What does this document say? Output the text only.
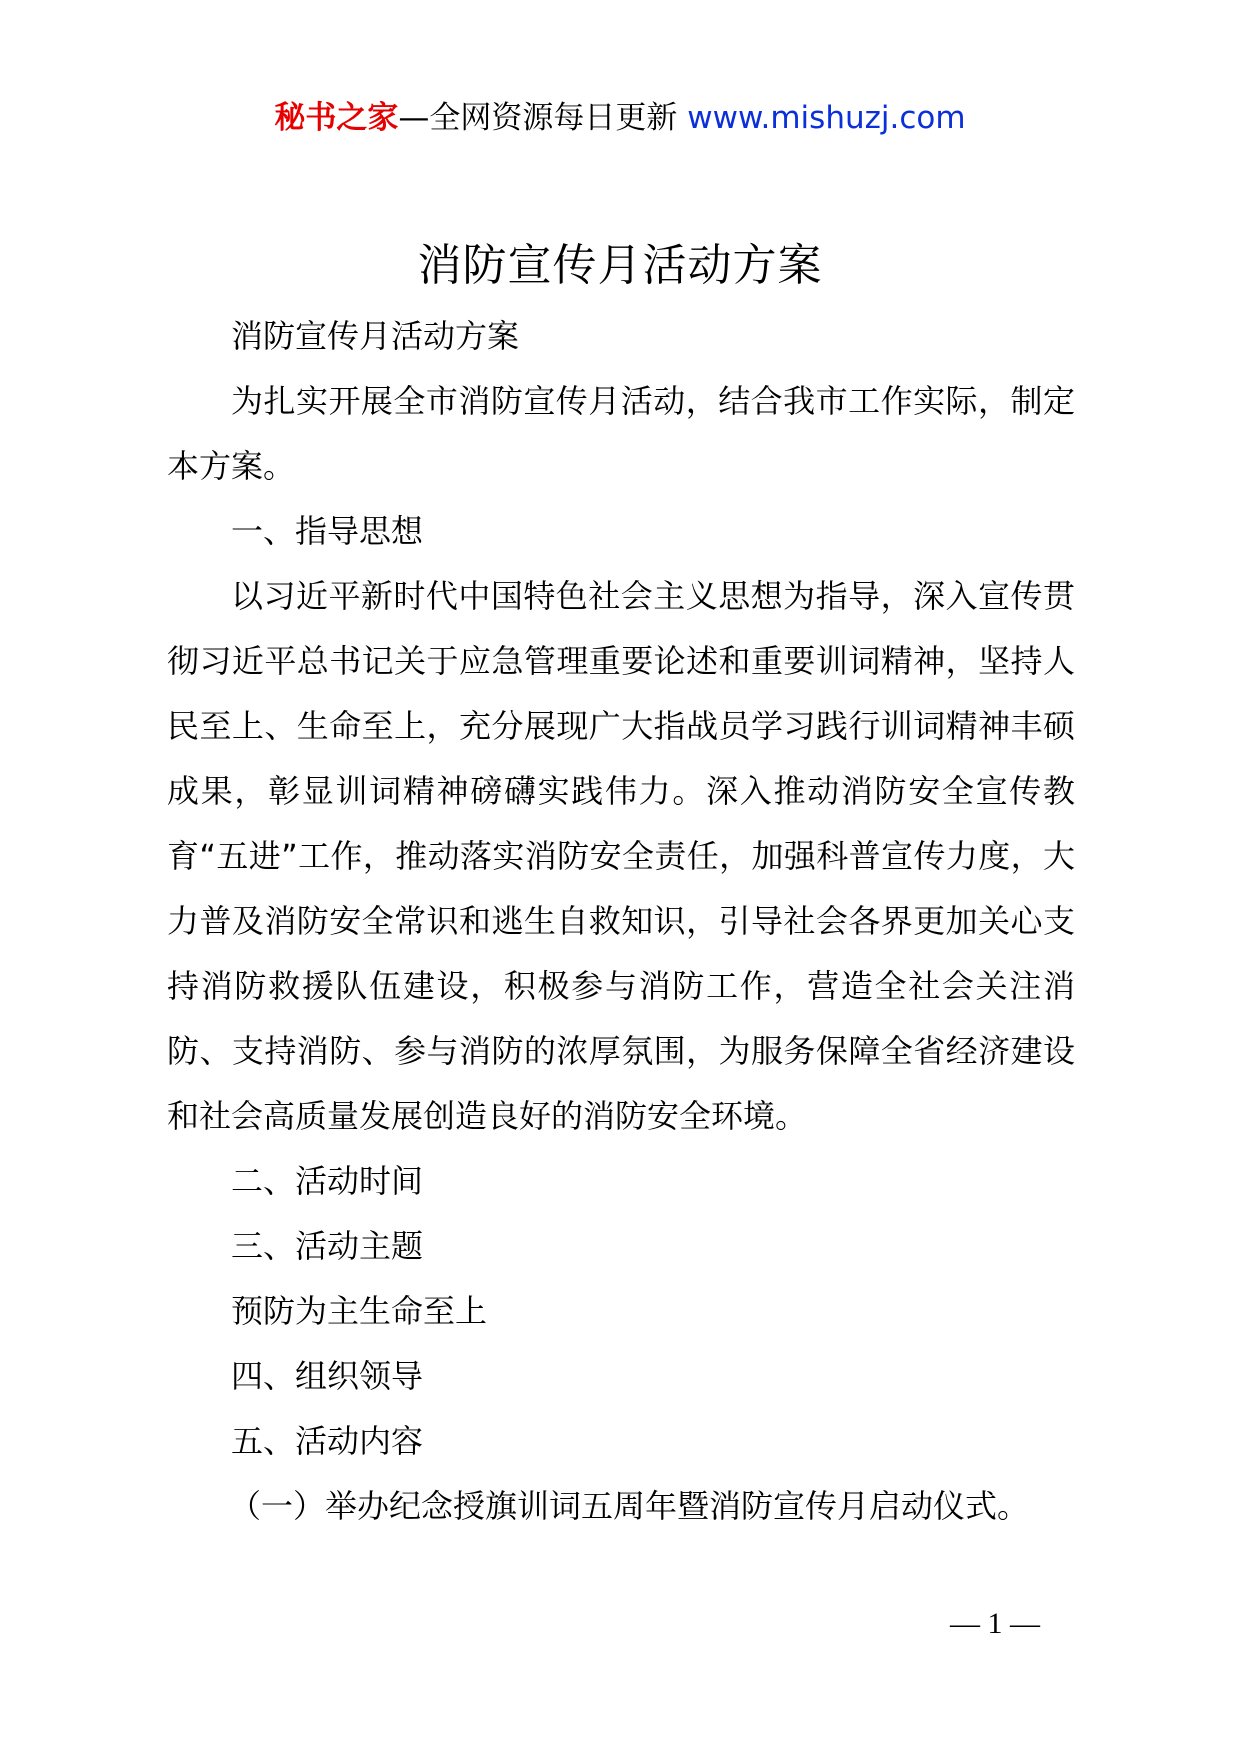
秘书之家—全网资源每日更新 www.mishuzj.com
消防宣传月活动方案

消防宣传月活动方案

为扎实开展全市消防宣传月活动，结合我市工作实际，制定本方案。

一、指导思想

以习近平新时代中国特色社会主义思想为指导，深入宣传贯彻习近平总书记关于应急管理重要论述和重要训词精神，坚持人民至上、生命至上，充分展现广大指战员学习践行训词精神丰硕成果，彰显训词精神磅礴实践伟力。深入推动消防安全宣传教育“五进”工作，推动落实消防安全责任，加强科普宣传力度，大力普及消防安全常识和逃生自救知识，引导社会各界更加关心支持消防救援队伍建设，积极参与消防工作，营造全社会关注消防、支持消防、参与消防的浓厚氛围，为服务保障全省经济建设和社会高质量发展创造良好的消防安全环境。

二、活动时间

三、活动主题

预防为主生命至上

四、组织领导

五、活动内容

（一）举办纪念授旗训词五周年暨消防宣传月启动仪式。

— 1 —
